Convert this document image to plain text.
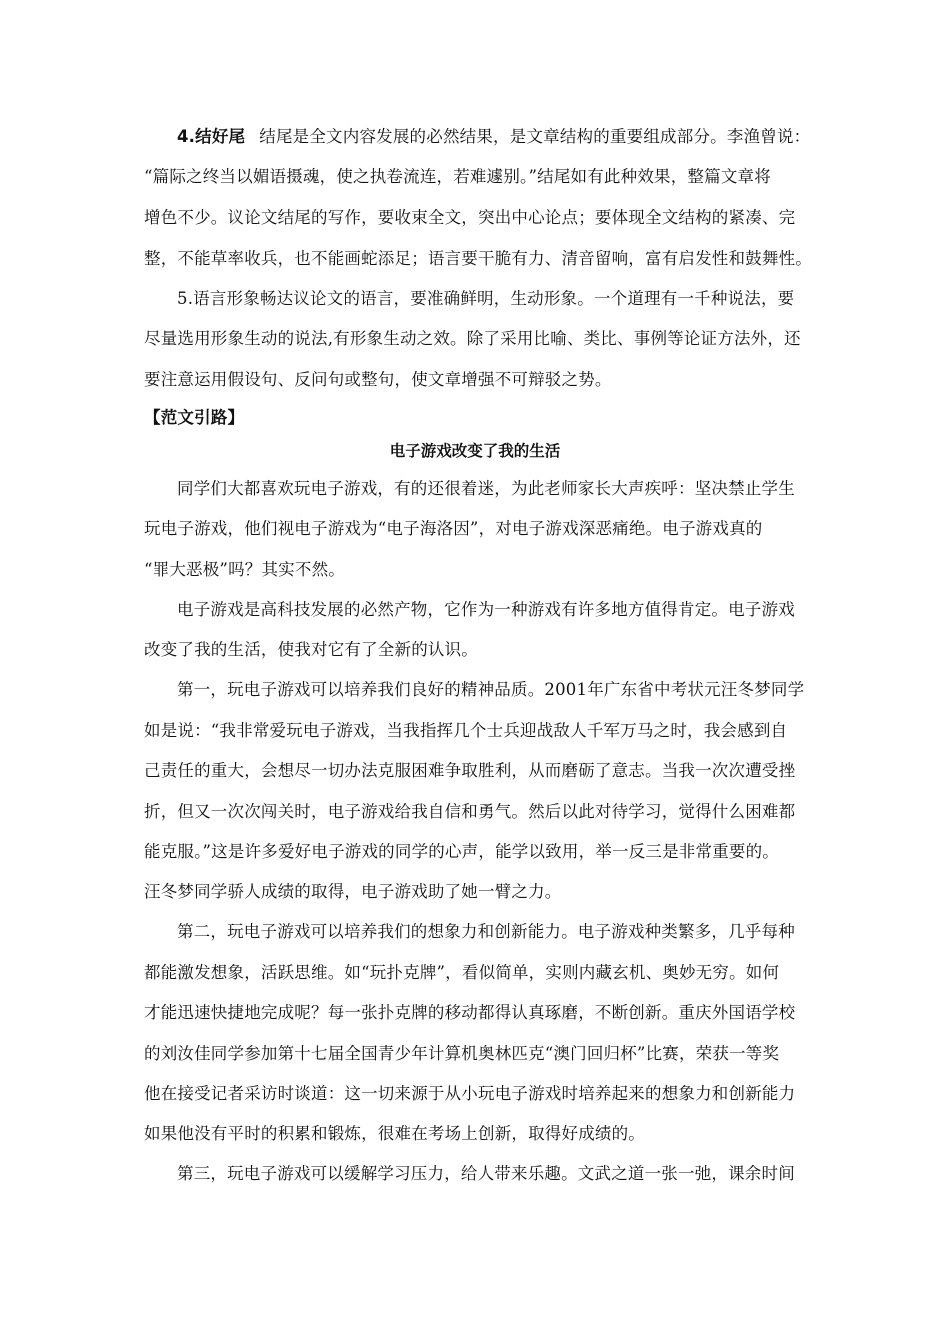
4.结好尾 结尾是全文内容发展的必然结果，是文章结构的重要组成部分。李渔曾说：
“篇际之终当以媚语摄魂，使之执卷流连，若难遽别。”结尾如有此种效果，整篇文章将
增色不少。议论文结尾的写作，要收束全文，突出中心论点；要体现全文结构的紧凑、完
整，不能草率收兵，也不能画蛇添足；语言要干脆有力、清音留响，富有启发性和鼓舞性。
5.语言形象畅达议论文的语言，要准确鲜明，生动形象。一个道理有一千种说法，要
尽量选用形象生动的说法,有形象生动之效。除了采用比喻、类比、事例等论证方法外，还
要注意运用假设句、反问句或整句，使文章增强不可辩驳之势。
【范文引路】
电子游戏改变了我的生活
同学们大都喜欢玩电子游戏，有的还很着迷，为此老师家长大声疾呼：坚决禁止学生
玩电子游戏，他们视电子游戏为“电子海洛因”，对电子游戏深恶痛绝。电子游戏真的
“罪大恶极”吗？其实不然。
电子游戏是高科技发展的必然产物，它作为一种游戏有许多地方值得肯定。电子游戏
改变了我的生活，使我对它有了全新的认识。
第一，玩电子游戏可以培养我们良好的精神品质。2001年广东省中考状元汪冬梦同学
如是说：“我非常爱玩电子游戏，当我指挥几个士兵迎战敌人千军万马之时，我会感到自
己责任的重大，会想尽一切办法克服困难争取胜利，从而磨砺了意志。当我一次次遭受挫
折，但又一次次闯关时，电子游戏给我自信和勇气。然后以此对待学习，觉得什么困难都
能克服。”这是许多爱好电子游戏的同学的心声，能学以致用，举一反三是非常重要的。
汪冬梦同学骄人成绩的取得，电子游戏助了她一臂之力。
第二，玩电子游戏可以培养我们的想象力和创新能力。电子游戏种类繁多，几乎每种
都能激发想象，活跃思维。如“玩扑克牌”，看似简单，实则内藏玄机、奥妙无穷。如何
才能迅速快捷地完成呢？每一张扑克牌的移动都得认真琢磨，不断创新。重庆外国语学校
的刘汝佳同学参加第十七届全国青少年计算机奥林匹克“澳门回归杯”比赛，荣获一等奖
他在接受记者采访时谈道：这一切来源于从小玩电子游戏时培养起来的想象力和创新能力
如果他没有平时的积累和锻炼，很难在考场上创新，取得好成绩的。
第三，玩电子游戏可以缓解学习压力，给人带来乐趣。文武之道一张一弛，课余时间
